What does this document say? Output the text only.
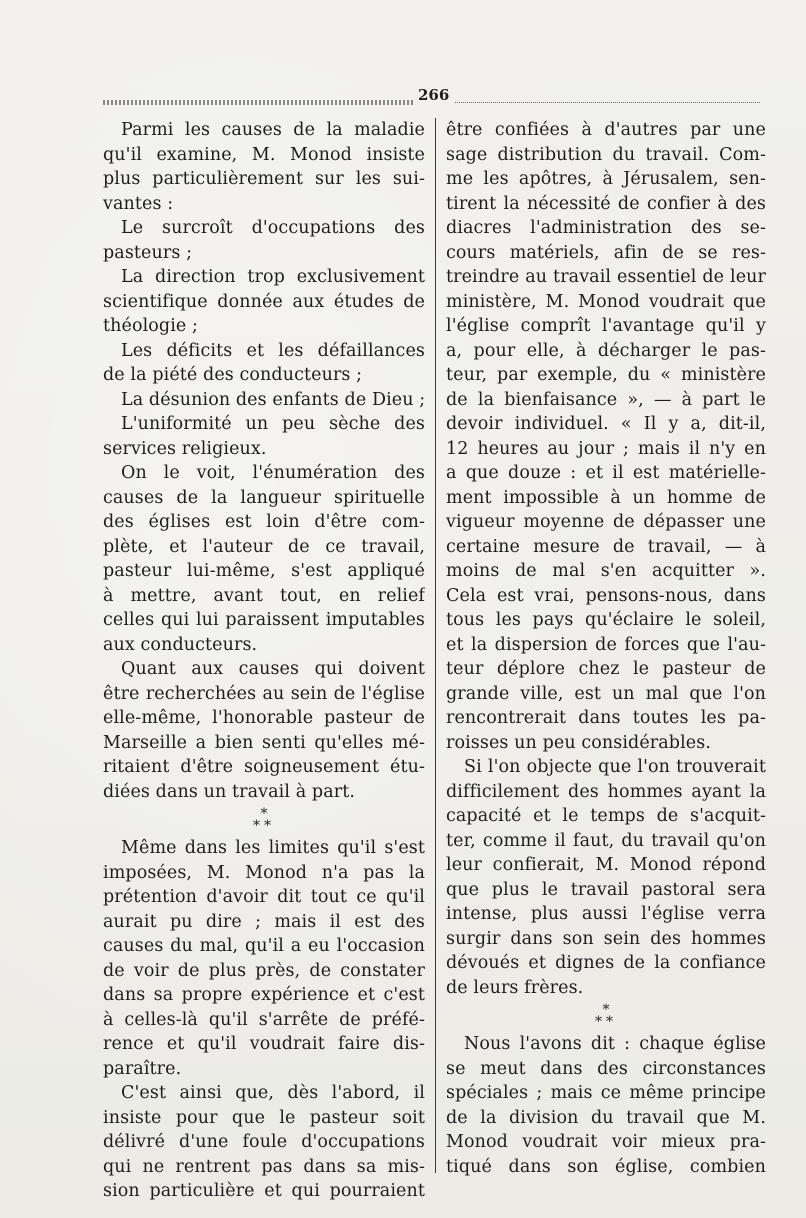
266
Parmi les causes de la maladie
qu'il examine, M. Monod insiste
plus particulièrement sur les sui-
vantes :
Le surcroît d'occupations des
pasteurs ;
La direction trop exclusivement
scientifique donnée aux études de
théologie ;
Les déficits et les défaillances
de la piété des conducteurs ;
La désunion des enfants de Dieu ;
L'uniformité un peu sèche des
services religieux.
On le voit, l'énumération des
causes de la langueur spirituelle
des églises est loin d'être com-
plète, et l'auteur de ce travail,
pasteur lui-même, s'est appliqué
à mettre, avant tout, en relief
celles qui lui paraissent imputables
aux conducteurs.
Quant aux causes qui doivent
être recherchées au sein de l'église
elle-même, l'honorable pasteur de
Marseille a bien senti qu'elles mé-
ritaient d'être soigneusement étu-
diées dans un travail à part.
*
**
Même dans les limites qu'il s'est
imposées, M. Monod n'a pas la
prétention d'avoir dit tout ce qu'il
aurait pu dire ; mais il est des
causes du mal, qu'il a eu l'occasion
de voir de plus près, de constater
dans sa propre expérience et c'est
à celles-là qu'il s'arrête de préfé-
rence et qu'il voudrait faire dis-
paraître.
C'est ainsi que, dès l'abord, il
insiste pour que le pasteur soit
délivré d'une foule d'occupations
qui ne rentrent pas dans sa mis-
sion particulière et qui pourraient
être confiées à d'autres par une
sage distribution du travail. Com-
me les apôtres, à Jérusalem, sen-
tirent la nécessité de confier à des
diacres l'administration des se-
cours matériels, afin de se res-
treindre au travail essentiel de leur
ministère, M. Monod voudrait que
l'église comprît l'avantage qu'il y
a, pour elle, à décharger le pas-
teur, par exemple, du « ministère
de la bienfaisance », — à part le
devoir individuel. « Il y a, dit-il,
12 heures au jour ; mais il n'y en
a que douze : et il est matérielle-
ment impossible à un homme de
vigueur moyenne de dépasser une
certaine mesure de travail, — à
moins de mal s'en acquitter ».
Cela est vrai, pensons-nous, dans
tous les pays qu'éclaire le soleil,
et la dispersion de forces que l'au-
teur déplore chez le pasteur de
grande ville, est un mal que l'on
rencontrerait dans toutes les pa-
roisses un peu considérables.
Si l'on objecte que l'on trouverait
difficilement des hommes ayant la
capacité et le temps de s'acquit-
ter, comme il faut, du travail qu'on
leur confierait, M. Monod répond
que plus le travail pastoral sera
intense, plus aussi l'église verra
surgir dans son sein des hommes
dévoués et dignes de la confiance
de leurs frères.
*
**
Nous l'avons dit : chaque église
se meut dans des circonstances
spéciales ; mais ce même principe
de la division du travail que M.
Monod voudrait voir mieux pra-
tiqué dans son église, combien
